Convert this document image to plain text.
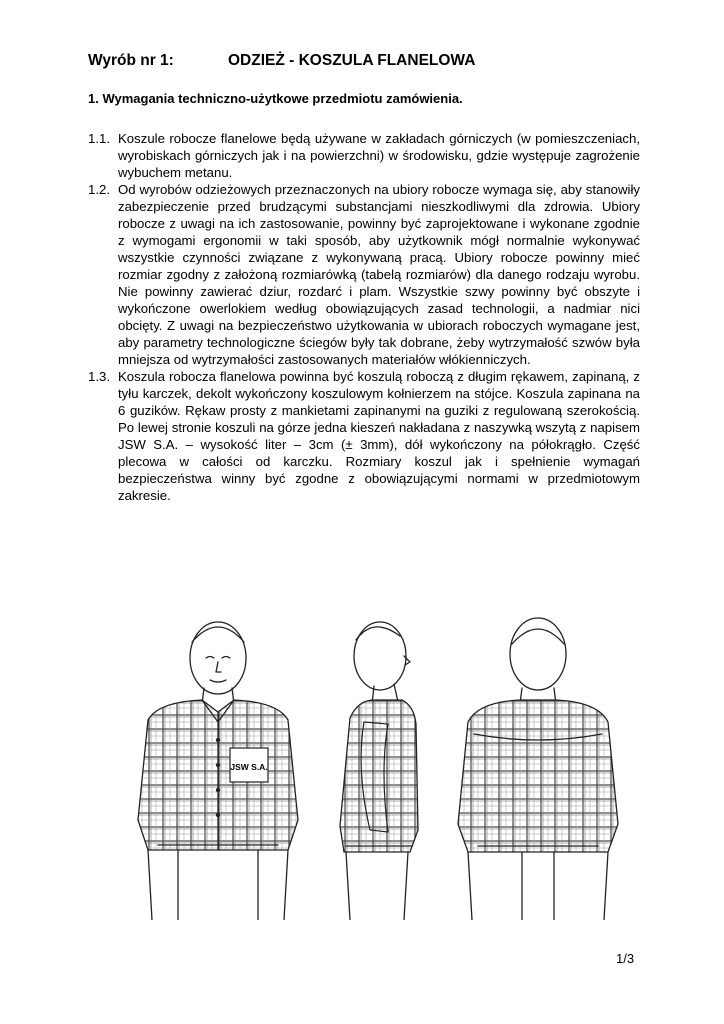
Wyrób nr 1:	ODZIEŻ - KOSZULA FLANELOWA
1. Wymagania techniczno-użytkowe przedmiotu zamówienia.
1.1. Koszule robocze flanelowe będą używane w zakładach górniczych (w pomieszczeniach, wyrobiskach górniczych jak i na powierzchni) w środowisku, gdzie występuje zagrożenie wybuchem metanu.
1.2. Od wyrobów odzieżowych przeznaczonych na ubiory robocze wymaga się, aby stanowiły zabezpieczenie przed brudzącymi substancjami nieszkodliwymi dla zdrowia. Ubiory robocze z uwagi na ich zastosowanie, powinny być zaprojektowane i wykonane zgodnie z wymogami ergonomii w taki sposób, aby użytkownik mógł normalnie wykonywać wszystkie czynności związane z wykonywaną pracą. Ubiory robocze powinny mieć rozmiar zgodny z założoną rozmiarówką (tabelą rozmiarów) dla danego rodzaju wyrobu. Nie powinny zawierać dziur, rozdarć i plam. Wszystkie szwy powinny być obszyte i wykończone owerlokiem według obowiązujących zasad technologii, a nadmiar nici obcięty. Z uwagi na bezpieczeństwo użytkowania w ubiorach roboczych wymagane jest, aby parametry technologiczne ściegów były tak dobrane, żeby wytrzymałość szwów była mniejsza od wytrzymałości zastosowanych materiałów włókienniczych.
1.3. Koszula robocza flanelowa powinna być koszulą roboczą z długim rękawem, zapinaną, z tyłu karczek, dekolt wykończony koszulowym kołnierzem na stójce. Koszula zapinana na 6 guzików. Rękaw prosty z mankietami zapinanymi na guziki z regulowaną szerokością. Po lewej stronie koszuli na górze jedna kieszeń nakładana z naszywką wszytą z napisem JSW S.A. – wysokość liter – 3cm (± 3mm), dół wykończony na półokrągło. Część plecowa w całości od karczku. Rozmiary koszul jak i spełnienie wymagań bezpieczeństwa winny być zgodne z obowiązującymi normami w przedmiotowym zakresie.
JSW S.A.
1/3
